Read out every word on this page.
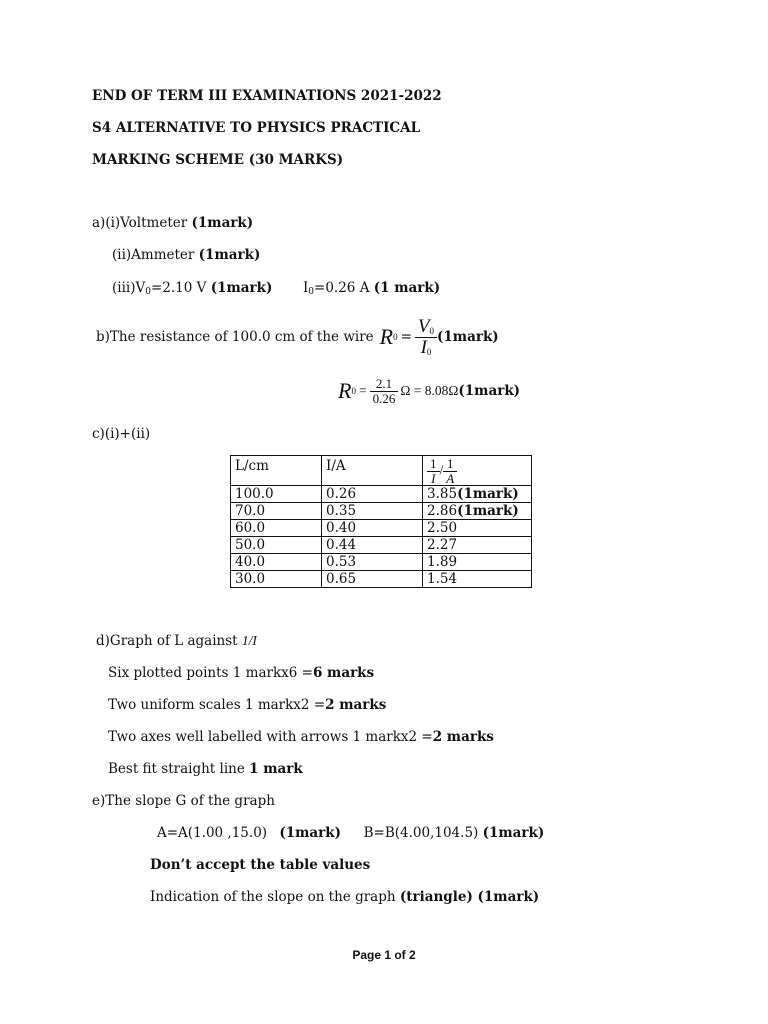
END OF TERM III EXAMINATIONS 2021-2022
S4 ALTERNATIVE TO PHYSICS PRACTICAL
MARKING SCHEME (30 MARKS)
a)(i)Voltmeter (1mark)
(ii)Ammeter (1mark)
(iii)V0=2.10 V (1mark) I0=0.26 A (1 mark)
b)The resistance of 100.0 cm of the wire R $0 = \frac{V0}{I0}$ (1mark)
R $0 = \frac{2.1}{0.26}$ Ω = 8.08Ω (1mark)
c)(i)+(ii)
L/cm	I/A	$\frac{1}{I} / \frac{1}{A}$

100.0	0.26	3.85(1mark)
70.0	0.35	2.86(1mark)
60.0	0.40	2.50
50.0	0.44	2.27
40.0	0.53	1.89
30.0	0.65	1.54
d)Graph of L against 1/I
Six plotted points 1 markx6 =6 marks
Two uniform scales 1 markx2 =2 marks
Two axes well labelled with arrows 1 markx2 =2 marks
Best fit straight line 1 mark
e)The slope G of the graph
A=A(1.00 ,15.0) (1mark) B=B(4.00,104.5) (1mark)
Don’t accept the table values
Indication of the slope on the graph (triangle) (1mark)
Page 1 of 2
